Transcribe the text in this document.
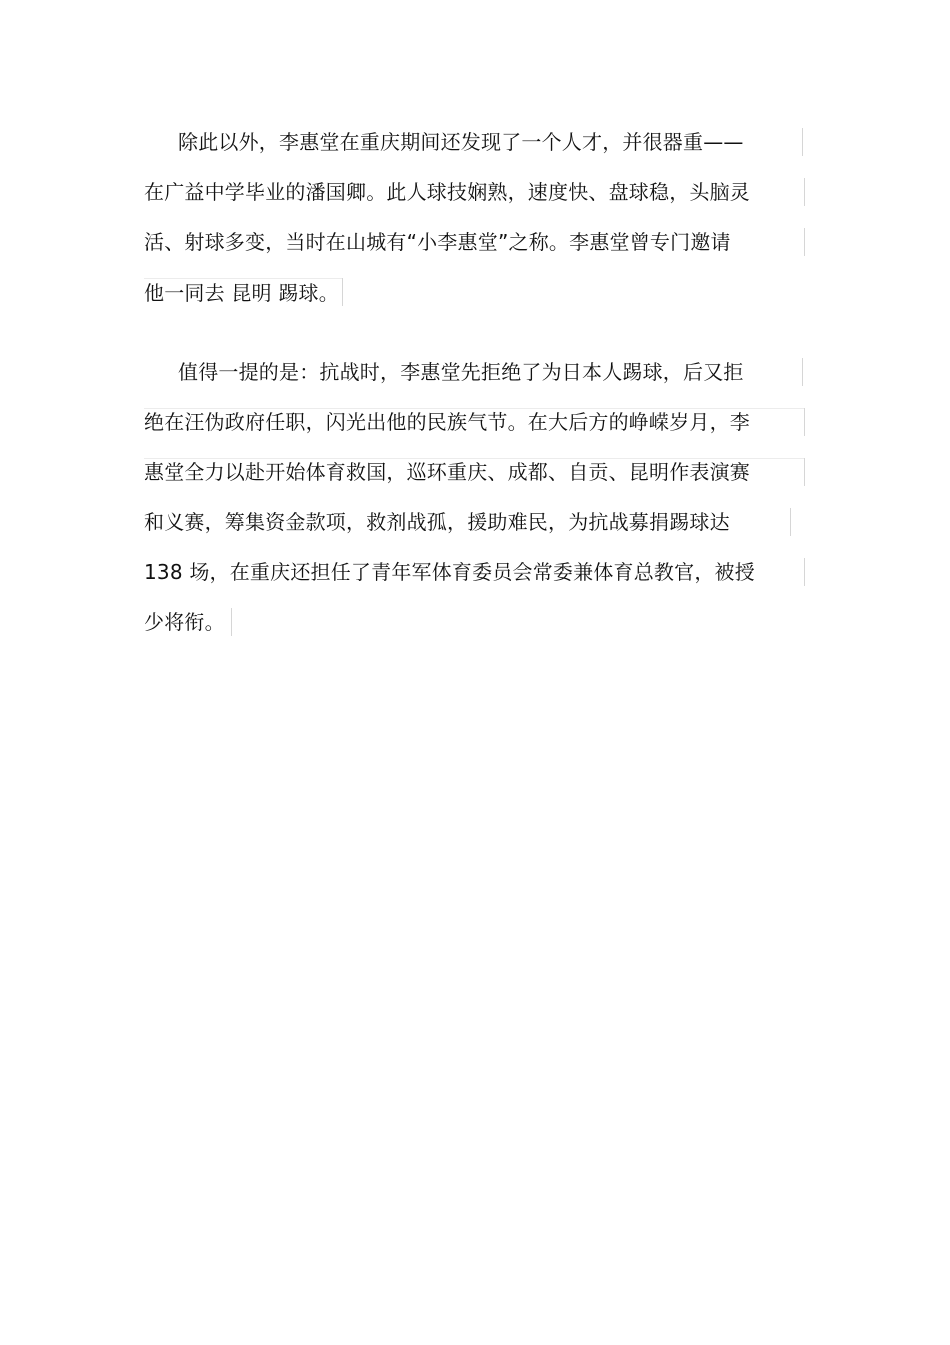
除此以外，李惠堂在重庆期间还发现了一个人才，并很器重——
在广益中学毕业的潘国卿。此人球技娴熟，速度快、盘球稳，头脑灵
活、射球多变，当时在山城有“小李惠堂”之称。李惠堂曾专门邀请
他一同去 昆明 踢球。
值得一提的是：抗战时，李惠堂先拒绝了为日本人踢球，后又拒
绝在汪伪政府任职，闪光出他的民族气节。在大后方的峥嵘岁月，李
惠堂全力以赴开始体育救国，巡环重庆、成都、自贡、昆明作表演赛
和义赛，筹集资金款项，救剂战孤，援助难民，为抗战募捐踢球达
138 场，在重庆还担任了青年军体育委员会常委兼体育总教官，被授
少将衔。
